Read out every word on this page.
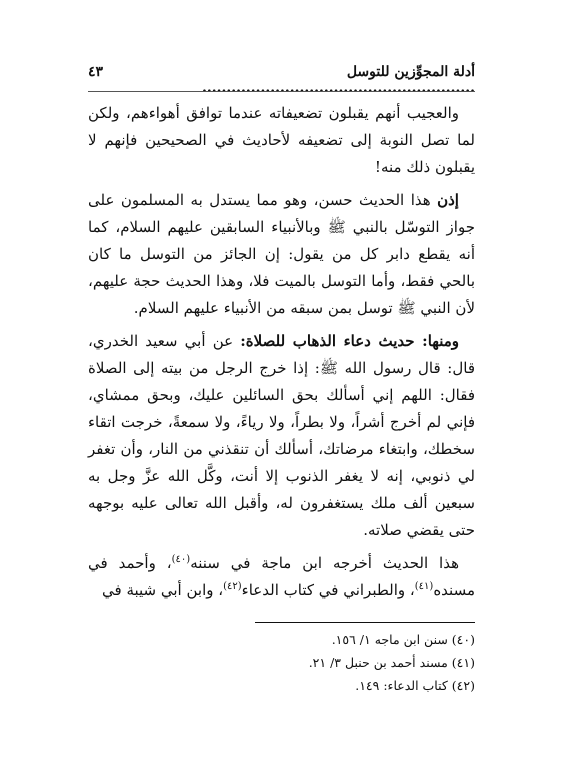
أدلة المجوِّزين للتوسل ........................................................
٤٣

والعجيب أنهم يقبلون تضعيفاته عندما توافق أهواءهم، ولكن لما تصل النوبة إلى تضعيفه لأحاديث في الصحيحين فإنهم لا يقبلون ذلك منه!

إذن هذا الحديث حسن، وهو مما يستدل به المسلمون على جواز التوسّل بالنبي ﷺ وبالأنبياء السابقين عليهم السلام، كما أنه يقطع دابر كل من يقول: إن الجائز من التوسل ما كان بالحي فقط، وأما التوسل بالميت فلا، وهذا الحديث حجة عليهم، لأن النبي ﷺ توسل بمن سبقه من الأنبياء عليهم السلام.

ومنها: حديث دعاء الذهاب للصلاة: عن أبي سعيد الخدري، قال: قال رسول الله ﷺ: إذا خرج الرجل من بيته إلى الصلاة فقال: اللهم إني أسألك بحق السائلين عليك، وبحق ممشاي، فإني لم أخرج أشراً، ولا بطراً، ولا رياءً، ولا سمعةً، خرجت اتقاء سخطك، وابتغاء مرضاتك، أسألك أن تنقذني من النار، وأن تغفر لي ذنوبي، إنه لا يغفر الذنوب إلا أنت، وكَّل الله عزَّ وجل به سبعين ألف ملك يستغفرون له، وأقبل الله تعالى عليه بوجهه حتى يقضي صلاته.

هذا الحديث أخرجه ابن ماجة في سننه$^{(٤٠)}$، وأحمد في مسنده$^{(٤١)}$، والطبراني في كتاب الدعاء$^{(٤٢)}$، وابن أبي شيبة في

(٤٠) سنن ابن ماجه ١/ ١٥٦.

(٤١) مسند أحمد بن حنبل ٣/ ٢١.

(٤٢) كتاب الدعاء: ١٤٩.
